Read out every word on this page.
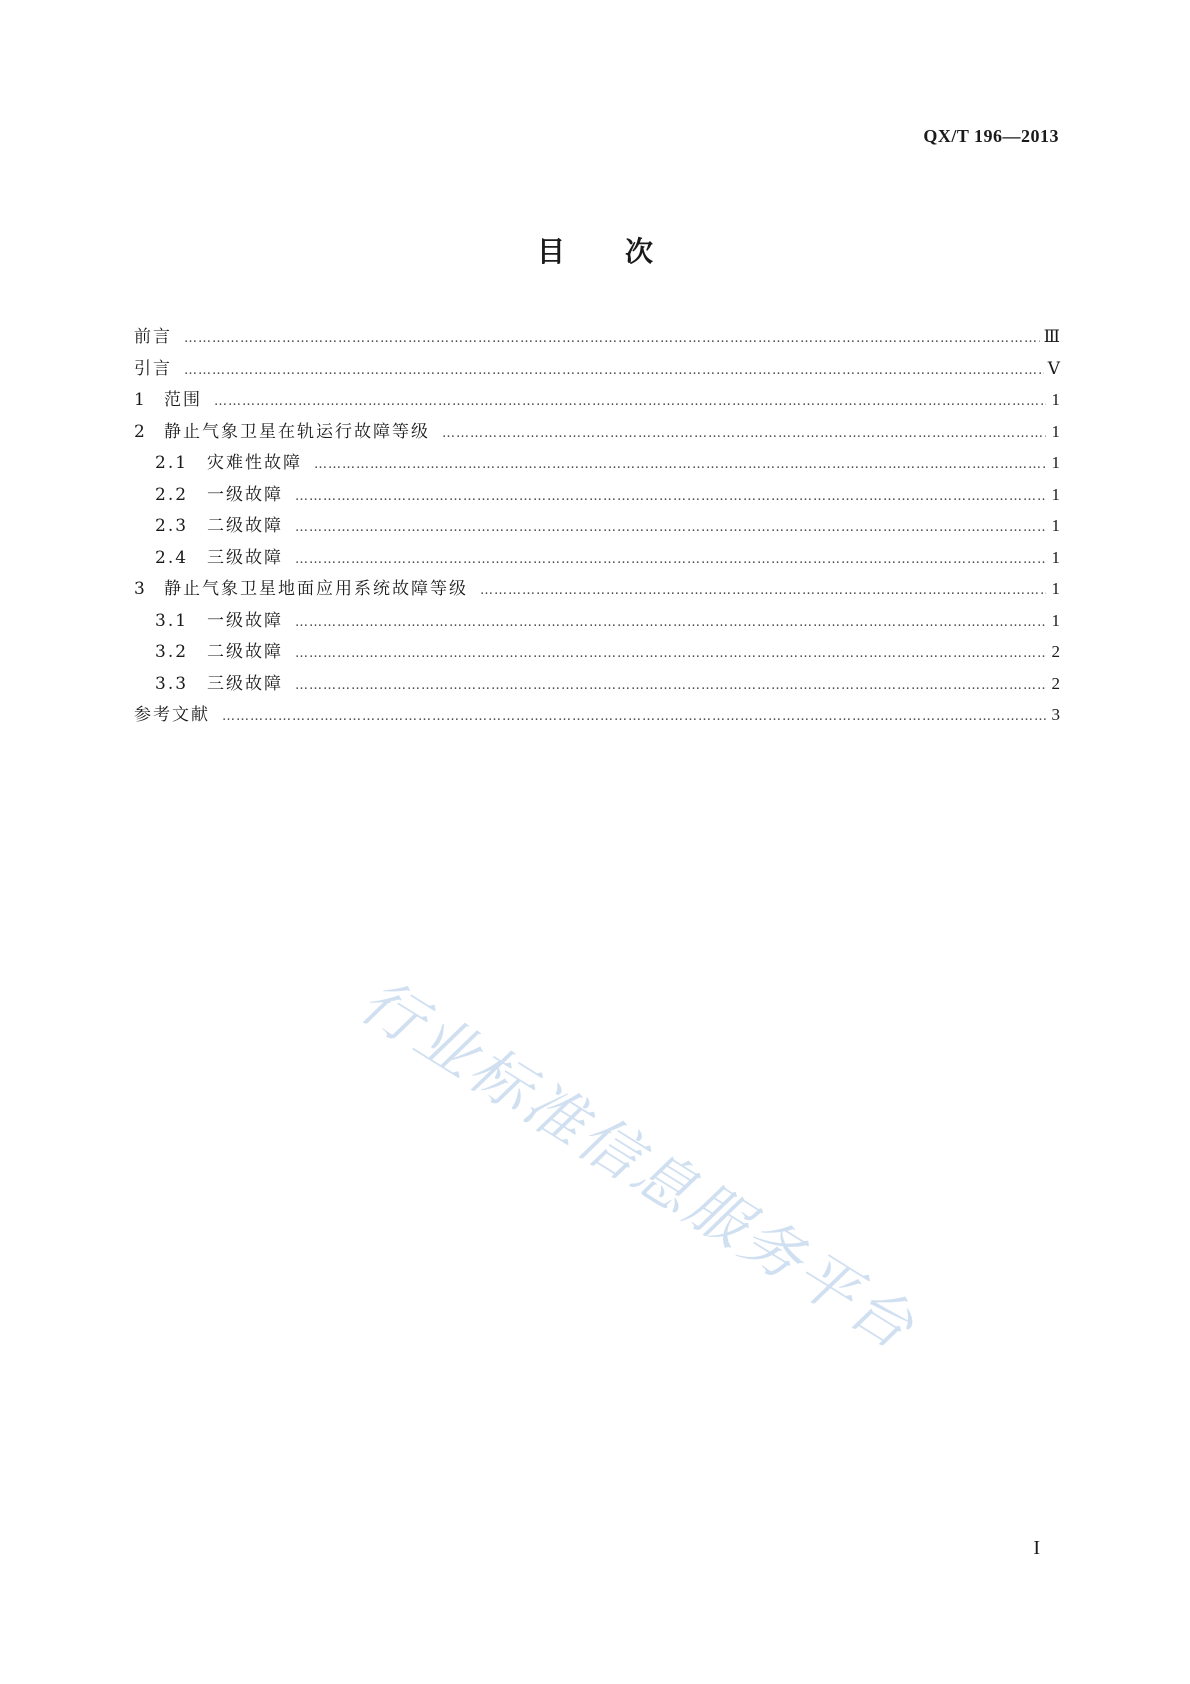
QX/T 196—2013
目 次
前言 ………………………………………………………………………………………………………………………………………………………………………………………………………………………………………………………	Ⅲ
引言 ………………………………………………………………………………………………………………………………………………………………………………………………………………………………………………………	Ⅴ
1	范围 ………………………………………………………………………………………………………………………………………………………………………………………………………………………………………………………	1
2	静止气象卫星在轨运行故障等级 ………………………………………………………………………………………………………………………………………………………………………………………………………………………………………………………	1
2.1	灾难性故障 ………………………………………………………………………………………………………………………………………………………………………………………………………………………………………………………	1
2.2	一级故障 ………………………………………………………………………………………………………………………………………………………………………………………………………………………………………………………	1
2.3	二级故障 ………………………………………………………………………………………………………………………………………………………………………………………………………………………………………………………	1
2.4	三级故障 ………………………………………………………………………………………………………………………………………………………………………………………………………………………………………………………	1
3	静止气象卫星地面应用系统故障等级 ………………………………………………………………………………………………………………………………………………………………………………………………………………………………………………………	1
3.1	一级故障 ………………………………………………………………………………………………………………………………………………………………………………………………………………………………………………………	1
3.2	二级故障 ………………………………………………………………………………………………………………………………………………………………………………………………………………………………………………………	2
3.3	三级故障 ………………………………………………………………………………………………………………………………………………………………………………………………………………………………………………………	2
参考文献 ………………………………………………………………………………………………………………………………………………………………………………………………………………………………………………………	3
行业标准信息服务平台
I
